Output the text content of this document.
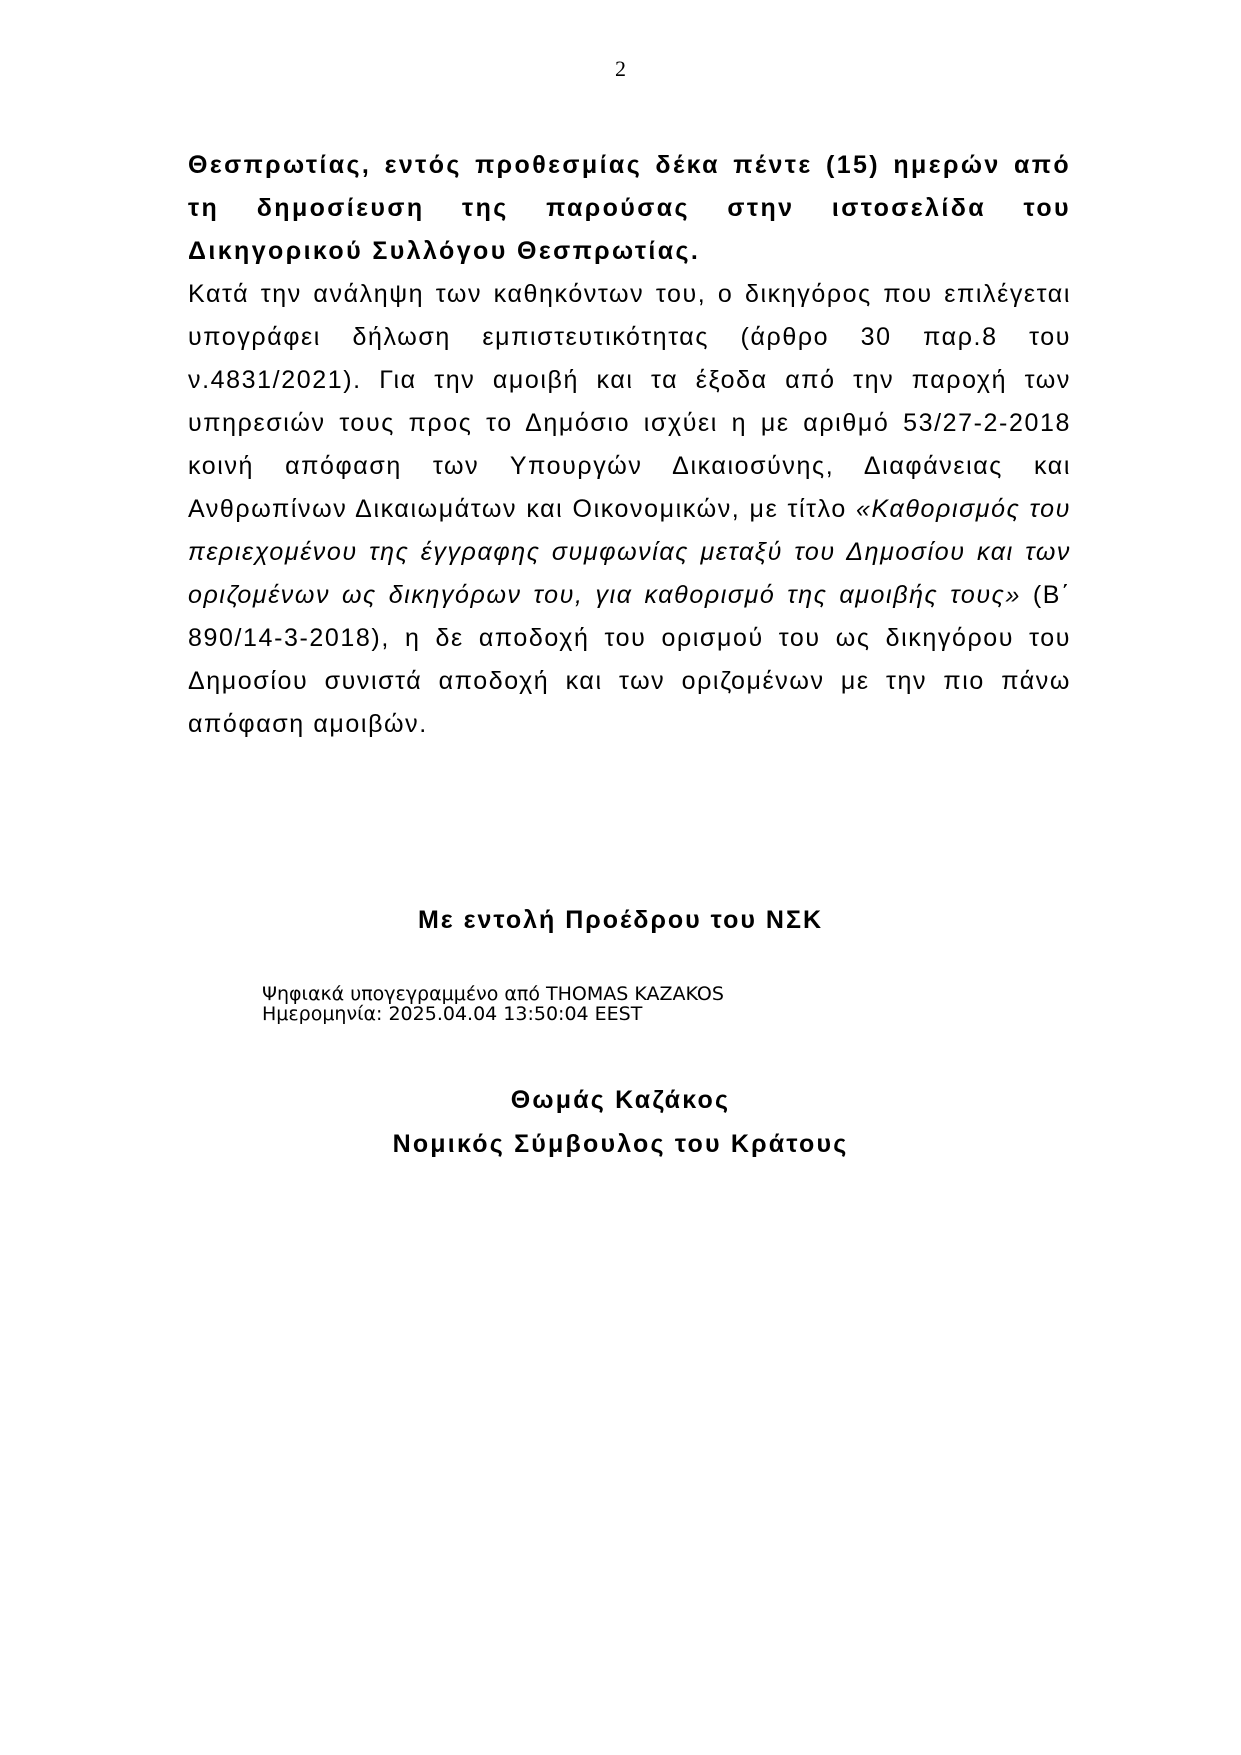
2

Θεσπρωτίας, εντός προθεσμίας δέκα πέντε (15) ημερών από τη δημοσίευση της παρούσας στην ιστοσελίδα του Δικηγορικού Συλλόγου Θεσπρωτίας.

Κατά την ανάληψη των καθηκόντων του, ο δικηγόρος που επιλέγεται υπογράφει δήλωση εμπιστευτικότητας (άρθρο 30 παρ.8 του ν.4831/2021). Για την αμοιβή και τα έξοδα από την παροχή των υπηρεσιών τους προς το Δημόσιο ισχύει η με αριθμό 53/27-2-2018 κοινή απόφαση των Υπουργών Δικαιοσύνης, Διαφάνειας και Ανθρωπίνων Δικαιωμάτων και Οικονομικών, με τίτλο «Καθορισμός του περιεχομένου της έγγραφης συμφωνίας μεταξύ του Δημοσίου και των οριζομένων ως δικηγόρων του, για καθορισμό της αμοιβής τους» (Β΄ 890/14-3-2018), η δε αποδοχή του ορισμού του ως δικηγόρου του Δημοσίου συνιστά αποδοχή και των οριζομένων με την πιο πάνω απόφαση αμοιβών.

Με εντολή Προέδρου του ΝΣΚ
Ψηφιακά υπογεγραμμένο από THOMAS KAZAKOS
Ημερομηνία: 2025.04.04 13:50:04 EEST
Θωμάς Καζάκος
Νομικός Σύμβουλος του Κράτους
